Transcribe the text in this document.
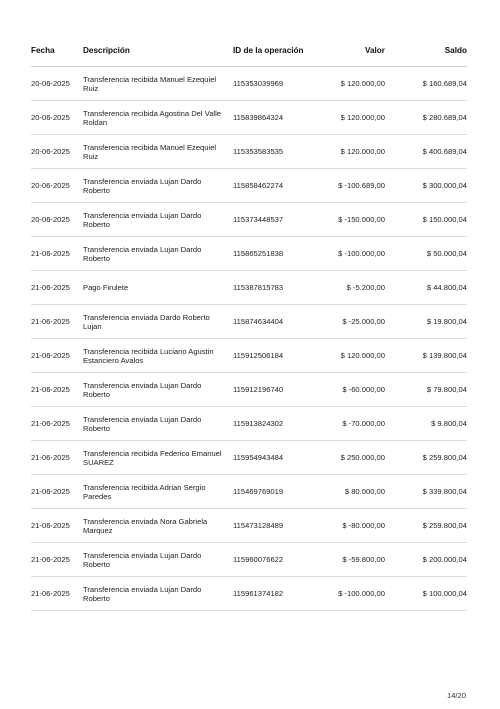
Fecha	Descripción	ID de la operación	Valor	Saldo
20-06-2025	Transferencia recibida Manuel Ezequiel Ruiz	115353039969	$ 120.000,00	$ 160.689,04
20-06-2025	Transferencia recibida Agostina Del Valle Roldan	115839864324	$ 120.000,00	$ 280.689,04
20-06-2025	Transferencia recibida Manuel Ezequiel Ruiz	115353583535	$ 120.000,00	$ 400.689,04
20-06-2025	Transferencia enviada Lujan Dardo Roberto	115858462274	$ -100.689,00	$ 300.000,04
20-06-2025	Transferencia enviada Lujan Dardo Roberto	115373448537	$ -150.000,00	$ 150.000,04
21-06-2025	Transferencia enviada Lujan Dardo Roberto	115865251838	$ -100.000,00	$ 50.000,04
21-06-2025	Pago Firulete	115387815783	$ -5.200,00	$ 44.800,04
21-06-2025	Transferencia enviada Dardo Roberto Lujan	115874634404	$ -25.000,00	$ 19.800,04
21-06-2025	Transferencia recibida Luciano Agustin Estanciero Avalos	115912506184	$ 120.000,00	$ 139.800,04
21-06-2025	Transferencia enviada Lujan Dardo Roberto	115912196740	$ -60.000,00	$ 79.800,04
21-06-2025	Transferencia enviada Lujan Dardo Roberto	115913824302	$ -70.000,00	$ 9.800,04
21-06-2025	Transferencia recibida Federico Emanuel SUAREZ	115954943484	$ 250.000,00	$ 259.800,04
21-06-2025	Transferencia recibida Adrian Sergio Paredes	115469769019	$ 80.000,00	$ 339.800,04
21-06-2025	Transferencia enviada Nora Gabriela Marquez	115473128489	$ -80.000,00	$ 259.800,04
21-06-2025	Transferencia enviada Lujan Dardo Roberto	115960076622	$ -59.800,00	$ 200.000,04
21-06-2025	Transferencia enviada Lujan Dardo Roberto	115961374182	$ -100.000,00	$ 100.000,04
14/20
